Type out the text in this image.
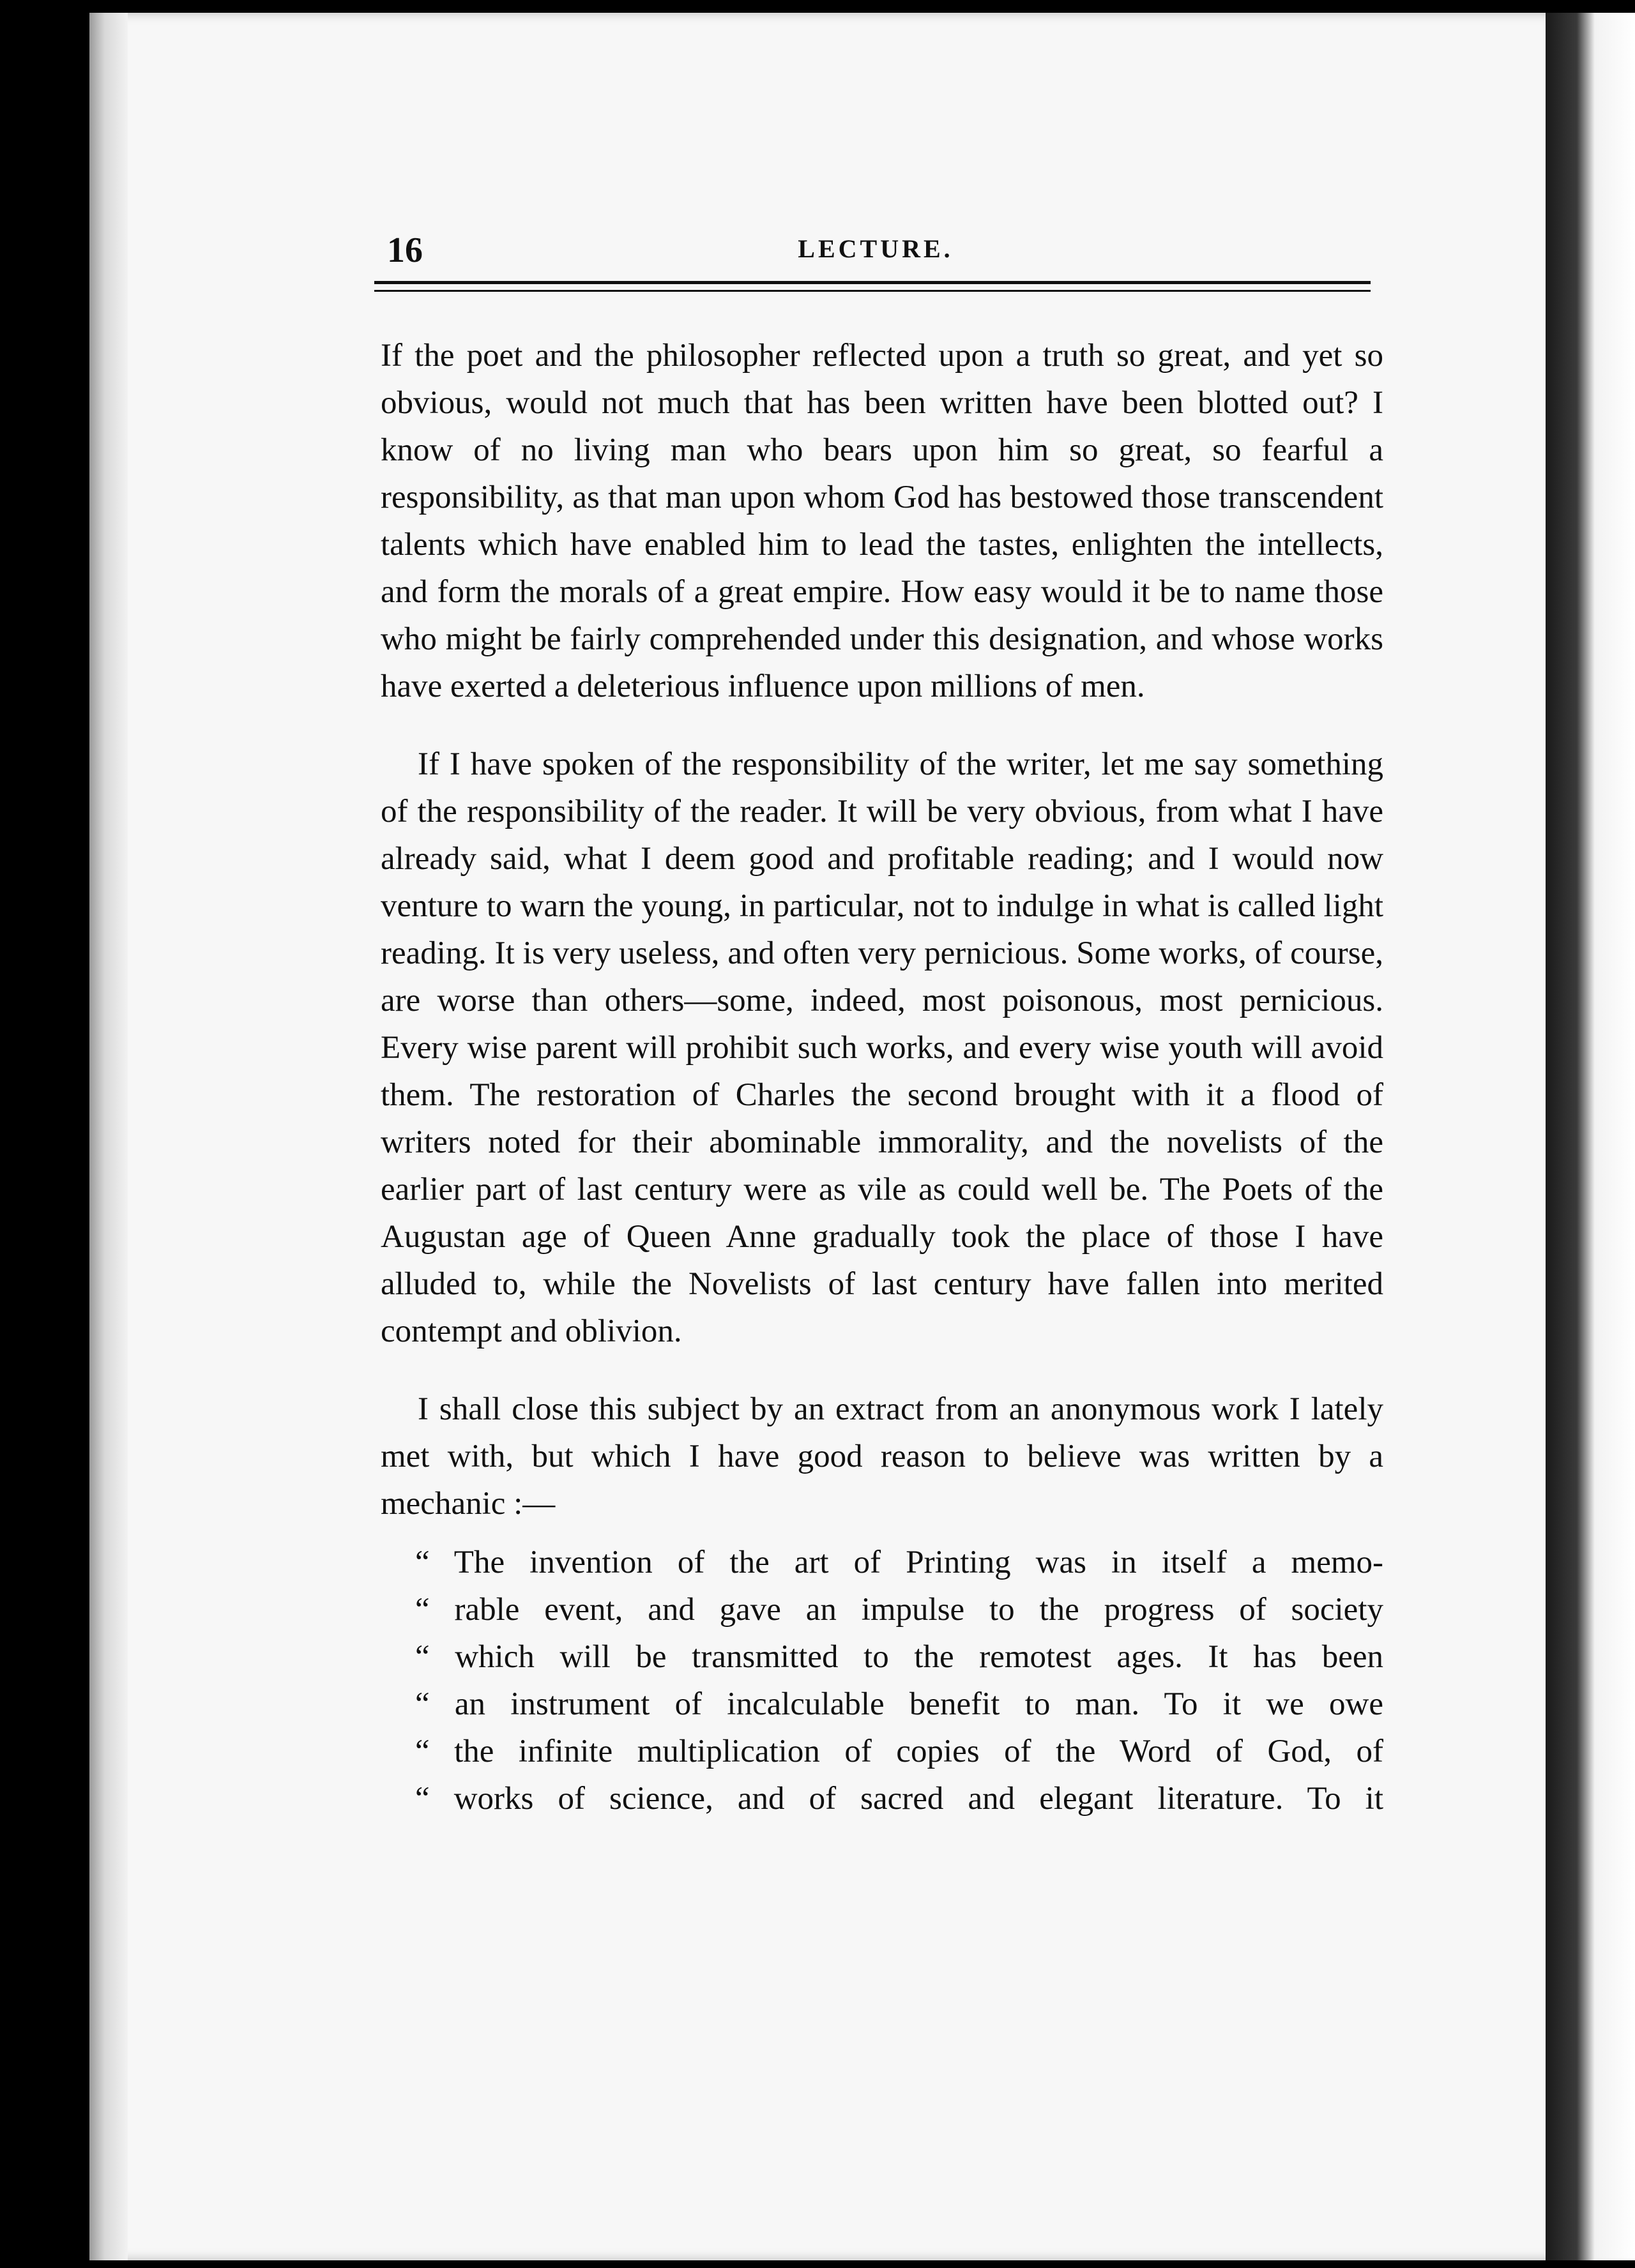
16	LECTURE.

If the poet and the philosopher reflected upon a truth so great, and yet so obvious, would not much that has been written have been blotted out? I know of no living man who bears upon him so great, so fearful a responsibility, as that man upon whom God has bestowed those transcendent talents which have enabled him to lead the tastes, enlighten the intellects, and form the morals of a great empire. How easy would it be to name those who might be fairly comprehended under this designation, and whose works have exerted a deleterious influence upon millions of men.

If I have spoken of the responsibility of the writer, let me say something of the responsibility of the reader. It will be very obvious, from what I have already said, what I deem good and profitable reading; and I would now venture to warn the young, in particular, not to indulge in what is called light reading. It is very useless, and often very pernicious. Some works, of course, are worse than others—some, indeed, most poisonous, most pernicious. Every wise parent will prohibit such works, and every wise youth will avoid them. The restoration of Charles the second brought with it a flood of writers noted for their abominable immorality, and the novelists of the earlier part of last century were as vile as could well be. The Poets of the Augustan age of Queen Anne gradually took the place of those I have alluded to, while the Novelists of last century have fallen into merited contempt and oblivion.

I shall close this subject by an extract from an anonymous work I lately met with, but which I have good reason to believe was written by a mechanic :—

“ The invention of the art of Printing was in itself a memo-
“ rable event, and gave an impulse to the progress of society
“ which will be transmitted to the remotest ages. It has been
“ an instrument of incalculable benefit to man. To it we owe
“ the infinite multiplication of copies of the Word of God, of
“ works of science, and of sacred and elegant literature. To it
